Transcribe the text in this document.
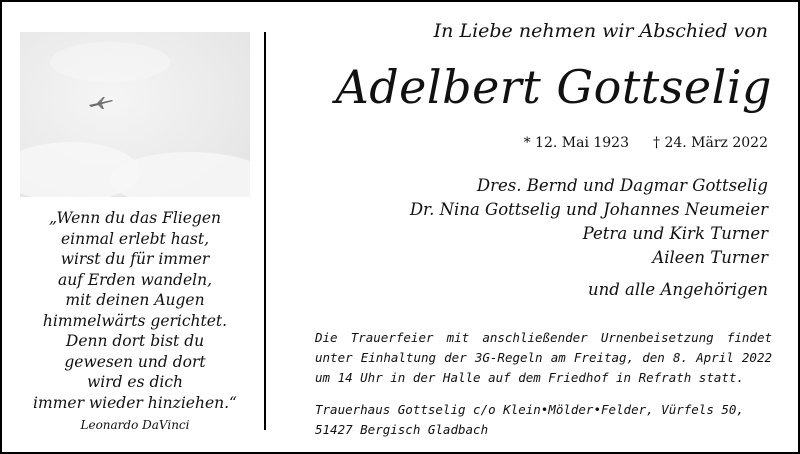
„Wenn du das Fliegen
einmal erlebt hast,
wirst du für immer
auf Erden wandeln,
mit deinen Augen
himmelwärts gerichtet.
Denn dort bist du
gewesen und dort
wird es dich
immer wieder hinziehen.“
Leonardo DaVinci
In Liebe nehmen wir Abschied von
Adelbert Gottselig
* 12. Mai 1923 † 24. März 2022
Dres. Bernd und Dagmar Gottselig
Dr. Nina Gottselig und Johannes Neumeier
Petra und Kirk Turner
Aileen Turner
und alle Angehörigen
Die Trauerfeier mit anschließender Urnenbeisetzung findet unter Einhaltung der 3G-Regeln am Freitag, den 8. April 2022 um 14 Uhr in der Halle auf dem Friedhof in Refrath statt.
Trauerhaus Gottselig c/o Klein•Mölder•Felder, Vürfels 50,
51427 Bergisch Gladbach
